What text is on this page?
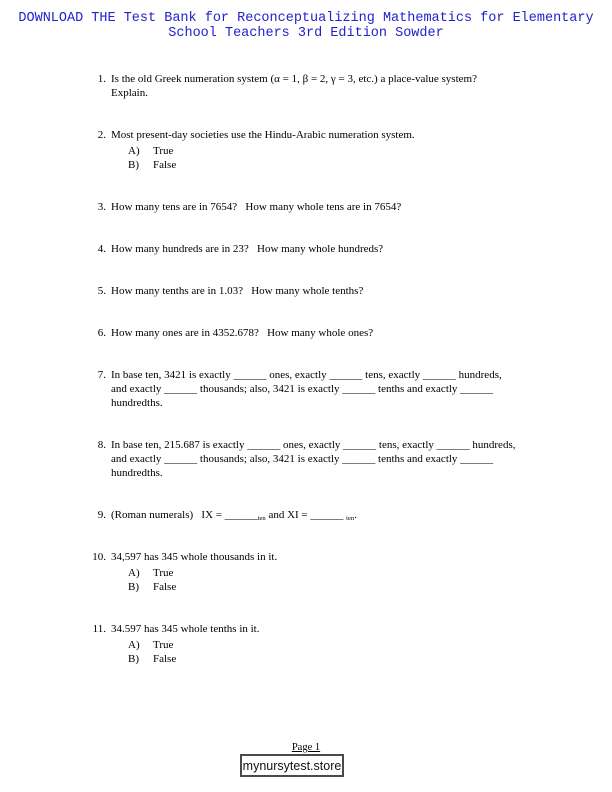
DOWNLOAD THE Test Bank for Reconceptualizing Mathematics for Elementary
School Teachers 3rd Edition Sowder
1. Is the old Greek numeration system (α = 1, β = 2, γ = 3, etc.) a place-value system?
Explain.
2. Most present-day societies use the Hindu-Arabic numeration system.
A)	True
B)	False
3. How many tens are in 7654?   How many whole tens are in 7654?
4. How many hundreds are in 23?   How many whole hundreds?
5. How many tenths are in 1.03?   How many whole tenths?
6. How many ones are in 4352.678?   How many whole ones?
7. In base ten, 3421 is exactly ______ ones, exactly ______ tens, exactly ______ hundreds,
and exactly ______ thousands; also, 3421 is exactly ______ tenths and exactly ______
hundredths.
8. In base ten, 215.687 is exactly ______ ones, exactly ______ tens, exactly ______ hundreds,
and exactly ______ thousands; also, 3421 is exactly ______ tenths and exactly ______
hundredths.
9. (Roman numerals)   IX = $\_\_\_\_\_\__{ten}$ and XI = ______ $_{ten}$.
10. 34,597 has 345 whole thousands in it.
A)	True
B)	False
11. 34.597 has 345 whole tenths in it.
A)	True
B)	False
Page 1
mynursytest.store
